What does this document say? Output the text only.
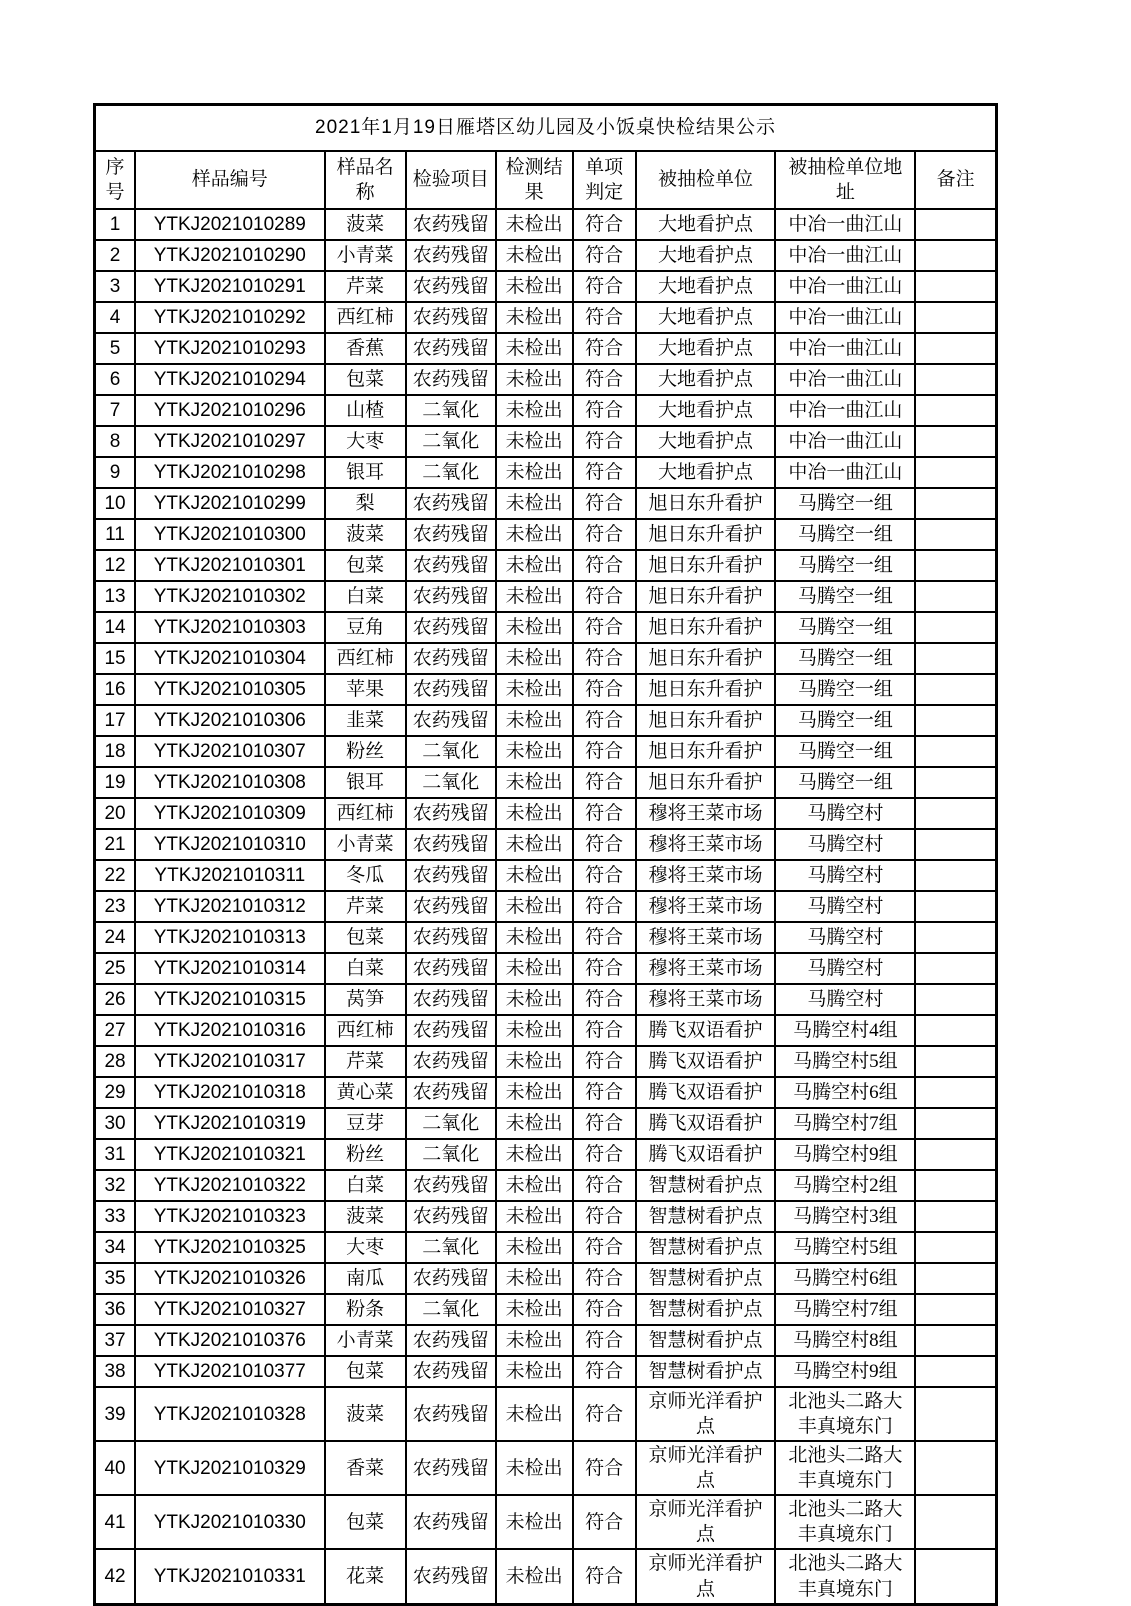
2021年1月19日雁塔区幼儿园及小饭桌快检结果公示								
序号	样品编号	样品名称	检验项目	检测结果	单项判定	被抽检单位	被抽检单位地址	备注
1	YTKJ2021010289	菠菜	农药残留	未检出	符合	大地看护点	中冶一曲江山	
2	YTKJ2021010290	小青菜	农药残留	未检出	符合	大地看护点	中冶一曲江山	
3	YTKJ2021010291	芹菜	农药残留	未检出	符合	大地看护点	中冶一曲江山	
4	YTKJ2021010292	西红柿	农药残留	未检出	符合	大地看护点	中冶一曲江山	
5	YTKJ2021010293	香蕉	农药残留	未检出	符合	大地看护点	中冶一曲江山	
6	YTKJ2021010294	包菜	农药残留	未检出	符合	大地看护点	中冶一曲江山	
7	YTKJ2021010296	山楂	二氧化	未检出	符合	大地看护点	中冶一曲江山	
8	YTKJ2021010297	大枣	二氧化	未检出	符合	大地看护点	中冶一曲江山	
9	YTKJ2021010298	银耳	二氧化	未检出	符合	大地看护点	中冶一曲江山	
10	YTKJ2021010299	梨	农药残留	未检出	符合	旭日东升看护	马腾空一组	
11	YTKJ2021010300	菠菜	农药残留	未检出	符合	旭日东升看护	马腾空一组	
12	YTKJ2021010301	包菜	农药残留	未检出	符合	旭日东升看护	马腾空一组	
13	YTKJ2021010302	白菜	农药残留	未检出	符合	旭日东升看护	马腾空一组	
14	YTKJ2021010303	豆角	农药残留	未检出	符合	旭日东升看护	马腾空一组	
15	YTKJ2021010304	西红柿	农药残留	未检出	符合	旭日东升看护	马腾空一组	
16	YTKJ2021010305	苹果	农药残留	未检出	符合	旭日东升看护	马腾空一组	
17	YTKJ2021010306	韭菜	农药残留	未检出	符合	旭日东升看护	马腾空一组	
18	YTKJ2021010307	粉丝	二氧化	未检出	符合	旭日东升看护	马腾空一组	
19	YTKJ2021010308	银耳	二氧化	未检出	符合	旭日东升看护	马腾空一组	
20	YTKJ2021010309	西红柿	农药残留	未检出	符合	穆将王菜市场	马腾空村	
21	YTKJ2021010310	小青菜	农药残留	未检出	符合	穆将王菜市场	马腾空村	
22	YTKJ2021010311	冬瓜	农药残留	未检出	符合	穆将王菜市场	马腾空村	
23	YTKJ2021010312	芹菜	农药残留	未检出	符合	穆将王菜市场	马腾空村	
24	YTKJ2021010313	包菜	农药残留	未检出	符合	穆将王菜市场	马腾空村	
25	YTKJ2021010314	白菜	农药残留	未检出	符合	穆将王菜市场	马腾空村	
26	YTKJ2021010315	莴笋	农药残留	未检出	符合	穆将王菜市场	马腾空村	
27	YTKJ2021010316	西红柿	农药残留	未检出	符合	腾飞双语看护	马腾空村4组	
28	YTKJ2021010317	芹菜	农药残留	未检出	符合	腾飞双语看护	马腾空村5组	
29	YTKJ2021010318	黄心菜	农药残留	未检出	符合	腾飞双语看护	马腾空村6组	
30	YTKJ2021010319	豆芽	二氧化	未检出	符合	腾飞双语看护	马腾空村7组	
31	YTKJ2021010321	粉丝	二氧化	未检出	符合	腾飞双语看护	马腾空村9组	
32	YTKJ2021010322	白菜	农药残留	未检出	符合	智慧树看护点	马腾空村2组	
33	YTKJ2021010323	菠菜	农药残留	未检出	符合	智慧树看护点	马腾空村3组	
34	YTKJ2021010325	大枣	二氧化	未检出	符合	智慧树看护点	马腾空村5组	
35	YTKJ2021010326	南瓜	农药残留	未检出	符合	智慧树看护点	马腾空村6组	
36	YTKJ2021010327	粉条	二氧化	未检出	符合	智慧树看护点	马腾空村7组	
37	YTKJ2021010376	小青菜	农药残留	未检出	符合	智慧树看护点	马腾空村8组	
38	YTKJ2021010377	包菜	农药残留	未检出	符合	智慧树看护点	马腾空村9组	
39	YTKJ2021010328	菠菜	农药残留	未检出	符合	京师光洋看护点	北池头二路大丰真境东门	
40	YTKJ2021010329	香菜	农药残留	未检出	符合	京师光洋看护点	北池头二路大丰真境东门	
41	YTKJ2021010330	包菜	农药残留	未检出	符合	京师光洋看护点	北池头二路大丰真境东门	
42	YTKJ2021010331	花菜	农药残留	未检出	符合	京师光洋看护点	北池头二路大丰真境东门	
